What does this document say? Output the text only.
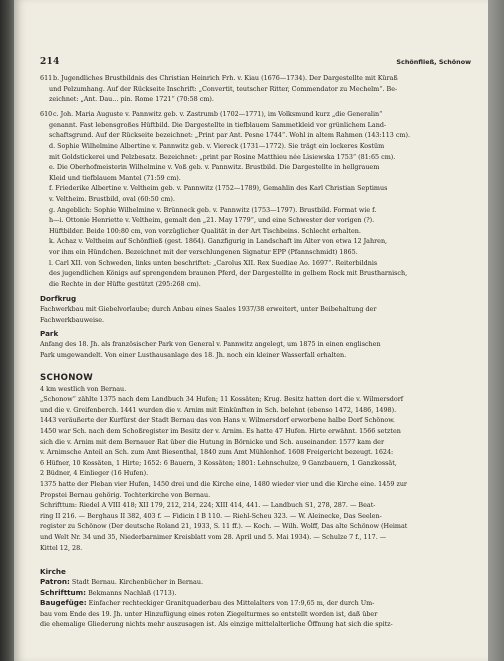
214	Schönfließ, Schönow

611b. Jugendliches Brustbildnis des Christian Heinrich Frh. v. Kiau (1676—1734). Der Dargestellte mit Küraß

und Pelzumhang. Auf der Rückseite Inschrift: „Convertit, teutscher Ritter, Commendator zu Mechelm“. Be-

zeichnet: „Ant. Dau... pin. Rome 1721“ (70:58 cm).

610c. Joh. Maria Auguste v. Pannwitz geb. v. Zastrumb (1702—1771), im Volksmund kurz „die Generalin“

genannt. Fast lebensgroßes Hüftbild. Die Dargestellte in tiefblauem Sammetkleid vor grünlichem Land-

schaftsgrund. Auf der Rückseite bezeichnet: „Print par Ant. Pesne 1744“. Wohl in altem Rahmen (143:113 cm).

d. Sophie Wilhelmine Albertine v. Pannwitz geb. v. Viereck (1731—1772). Sie trägt ein lockeres Kostüm

mit Goldstickerei und Pelzbesatz. Bezeichnet: „print par Rosine Matthieu née Lisiewska 1753“ (81:65 cm).

e. Die Oberhofmeisterin Wilhelmine v. Voß geb. v. Pannwitz. Brustbild. Die Dargestellte in hellgrauem

Kleid und tiefblauem Mantel (71:59 cm).

f. Friederike Albertine v. Veltheim geb. v. Pannwitz (1752—1789), Gemahlin des Karl Christian Septimus

v. Veltheim. Brustbild, oval (60:50 cm).

g. Angeblich: Sophie Wilhelmine v. Brünneck geb. v. Pannwitz (1753—1797). Brustbild. Format wie f.

h—i. Ottonie Henriette v. Veltheim, gemalt den „21. May 1779“, und eine Schwester der vorigen (?).

Hüftbilder. Beide 100:80 cm, von vorzüglicher Qualität in der Art Tischbeins. Schlecht erhalten.

k. Achaz v. Veltheim auf Schönfließ (gest. 1864). Ganzfigurig in Landschaft im Alter von etwa 12 Jahren,

vor ihm ein Hündchen. Bezeichnet mit der verschlungenen Signatur EPP (Pfannschmidt) 1865.

l. Carl XII. von Schweden, links unten beschriftet: „Carolus XII. Rex Suediae Ao. 1697“. Reiterbildnis

des jugendlichen Königs auf sprengendem braunen Pferd, der Dargestellte in gelbem Rock mit Brustharnisch,

die Rechte in der Hüfte gestützt (295:268 cm).

Dorfkrug

Fachwerkbau mit Giebelvorlaube; durch Anbau eines Saales 1937/38 erweitert, unter Beibehaltung der

Fachwerkbauweise.

Park

Anfang des 18. Jh. als französischer Park von General v. Pannwitz angelegt, um 1875 in einen englischen

Park umgewandelt. Von einer Lusthausanlage des 18. Jh. noch ein kleiner Wasserfall erhalten.

SCHONOW

4 km westlich von Bernau.

„Schonow“ zählte 1375 nach dem Landbuch 34 Hufen; 11 Kossäten; Krug. Besitz hatten dort die v. Wilmersdorf

und die v. Greifenberch. 1441 wurden die v. Arnim mit Einkünften in Sch. belehnt (ebenso 1472, 1486, 1498).

1443 veräußerte der Kurfürst der Stadt Bernau das von Hans v. Wilmersdorf erworbene halbe Dorf Schönow.

1450 war Sch. nach dem Schoßregister im Besitz der v. Arnim. Es hatte 47 Hufen. Hirte erwähnt. 1566 setzten

sich die v. Arnim mit dem Bernauer Rat über die Hutung in Börnicke und Sch. auseinander. 1577 kam der

v. Arnimsche Anteil an Sch. zum Amt Biesenthal, 1840 zum Amt Mühlenhof. 1608 Freigericht bezeugt. 1624:

6 Hüfner, 10 Kossäten, 1 Hirte; 1652: 6 Bauern, 3 Kossäten; 1801: Lehnschulze, 9 Ganzbauern, 1 Ganzkossät,

2 Büdner, 4 Einlieger (16 Hufen).

1375 hatte der Pleban vier Hufen, 1450 drei und die Kirche eine, 1480 wieder vier und die Kirche eine. 1459 zur

Propstei Bernau gehörig. Tochterkirche von Bernau.

Schrifttum: Riedel A VIII 418; XII 179, 212, 214, 224; XIII 414, 441. — Landbuch S1, 278, 287. — Beat-

ring II 216. — Berghaus II 382, 403 f. — Fidicin I B 110. — Riehl-Scheu 323. — W. Aleinecke, Das Seelen-

register zu Schönow (Der deutsche Roland 21, 1933, S. 11 ff.). — Koch. — Wilh. Wolff, Das alte Schönow (Heimat

und Welt Nr. 34 und 35, Niederbarnimer Kreisblatt vom 28. April und 5. Mai 1934). — Schulze 7 f., 117. —

Kittel 12, 28.

Kirche

Patron: Stadt Bernau. Kirchenbücher in Bernau.

Schrifttum: Bekmanns Nachlaß (1713).

Baugefüge: Einfacher rechteckiger Granitquaderbau des Mittelalters von 17:9,65 m, der durch Um-

bau vom Ende des 19. Jh. unter Hinzufügung eines roten Ziegelturmes so entstellt worden ist, daß über

die ehemalige Gliederung nichts mehr auszusagen ist. Als einzige mittelalterliche Öffnung hat sich die spitz-
